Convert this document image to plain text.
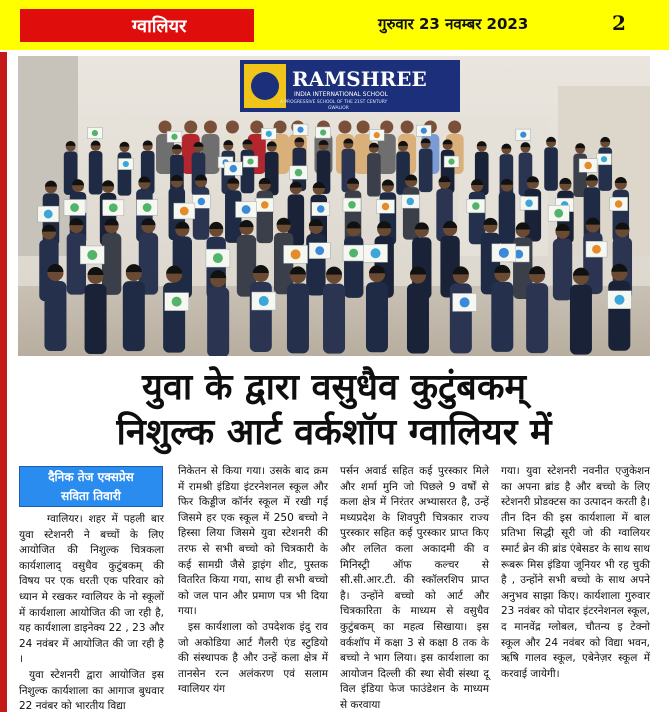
ग्वालियर	गुरुवार 23 नवम्बर 2023	2
RAMSHREE
INDIA INTERNATIONAL SCHOOL
A PROGRESSIVE SCHOOL OF THE 21ST CENTURY
GWALIOR
युवा के द्वारा वसुधैव कुटुंबकम्
निशुल्क आर्ट वर्कशॉप ग्वालियर में
दैनिक तेज एक्सप्रेस
सविता तिवारी

ग्वालियर। शहर में पहली बार युवा स्टेशनरी ने बच्चों के लिए आयोजित की निशुल्क चित्रकला कार्यशालाद् वसुधैव कुटुंबकम् की विषय पर एक धरती एक परिवार को ध्यान मे रखकर ग्वालियर के नो स्कूलों में कार्यशाला आयोजित की जा रही है, यह कार्यशाला डाइनेक्य 22 , 23 और 24 नवंबर में आयोजित की जा रही है ।

युवा स्टेशनरी द्वारा आयोजित इस निशुल्क कार्यशाला का आगाज बुधवार 22 नवंबर को भारतीय विद्या

निकेतन से किया गया। उसके बाद क्रम में रामश्री इंडिया इंटरनेशनल स्कूल और फिर किड्डीज कॉर्नर स्कूल में रखी गई जिसमे हर एक स्कूल में 250 बच्चो ने हिस्सा लिया जिसमे युवा स्टेशनरी की तरफ से सभी बच्चो को चित्रकारी के कई सामग्री जैसे ड्राइंग शीट, पुस्तक वितरित किया गया, साथ ही सभी बच्चो को जल पान और प्रमाण पत्र भी दिया गया।

इस कार्यशाला को उपदेशक इंदु राव जो अकोडिया आर्ट गैलरी एंड स्टुडियो की संस्थापक है और उन्हें कला क्षेत्र में तानसेन रत्न अलंकरण एवं सलाम ग्वालियर यंग

पर्सन अवार्ड सहित कई पुरस्कार मिले और शर्मा मुनि जो पिछले 9 वर्षों से कला क्षेत्र में निरंतर अभ्यासरत है, उन्हें मध्यप्रदेश के शिवपुरी चित्रकार राज्य पुरस्कार सहित कई पुरस्कार प्राप्त किए और ललित कला अकादमी की व मिनिस्ट्री ऑफ कल्चर से सी.सी.आर.टी. की स्कॉलरशिप प्राप्त है। उन्होंने बच्चो को आर्ट और चित्रकारिता के माध्यम से वसुधैव कुटुंबकम् का महत्व सिखाया। इस वर्कशॉप में कक्षा 3 से कक्षा 8 तक के बच्चो ने भाग लिया। इस कार्यशाला का आयोजन दिल्ली की स्था सेवी संस्था दू विल इंडिया फेज फाउंडेशन के माध्यम से करवाया

गया। युवा स्टेशनरी नवनीत एजुकेशन का अपना ब्रांड है और बच्चो के लिए स्टेशनरी प्रोडक्टस का उत्पादन करती है। तीन दिन की इस कार्यशाला में बाल प्रतिभा सिद्धी सूरी जो की ग्वालियर स्मार्ट ब्रेन की ब्रांड एंबेसडर के साथ साथ रूबरू मिस इंडिया जूनियर भी रह चुकी है , उन्होंने सभी बच्चो के साथ अपने अनुभव साझा किए। कार्यशाला गुरुवार 23 नवंबर को पोदार इंटरनेशनल स्कूल, द मानवेंद्र ग्लोबल, चौतन्य इ टेक्नो स्कूल और 24 नवंबर को विद्या भवन, ऋषि गालव स्कूल, एबेनेज़र स्कूल में करवाई जायेगी।
